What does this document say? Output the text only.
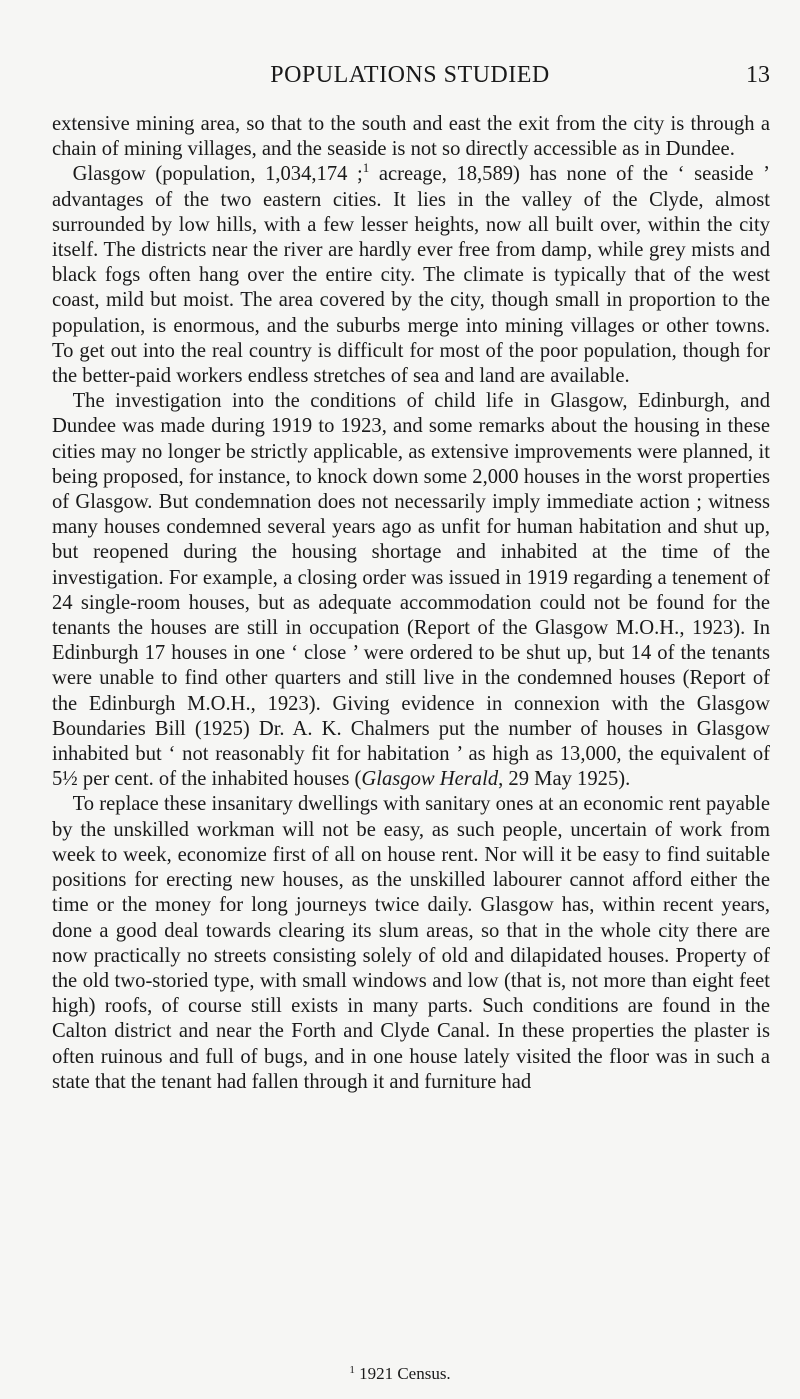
POPULATIONS STUDIED	13

extensive mining area, so that to the south and east the exit from the city is through a chain of mining villages, and the seaside is not so directly accessible as in Dundee.

 Glasgow (population, 1,034,174 ;$^1$ acreage, 18,589) has none of the ‘ seaside ’ advantages of the two eastern cities. It lies in the valley of the Clyde, almost surrounded by low hills, with a few lesser heights, now all built over, within the city itself. The districts near the river are hardly ever free from damp, while grey mists and black fogs often hang over the entire city. The climate is typically that of the west coast, mild but moist. The area covered by the city, though small in proportion to the population, is enormous, and the suburbs merge into mining villages or other towns. To get out into the real country is difficult for most of the poor population, though for the better-paid workers endless stretches of sea and land are available.

 The investigation into the conditions of child life in Glasgow, Edinburgh, and Dundee was made during 1919 to 1923, and some remarks about the housing in these cities may no longer be strictly applicable, as extensive improvements were planned, it being proposed, for instance, to knock down some 2,000 houses in the worst properties of Glasgow. But condemnation does not necessarily imply immediate action ; witness many houses condemned several years ago as unfit for human habitation and shut up, but reopened during the housing shortage and inhabited at the time of the investigation. For example, a closing order was issued in 1919 regarding a tenement of 24 single-room houses, but as adequate accommodation could not be found for the tenants the houses are still in occupation (Report of the Glasgow M.O.H., 1923). In Edinburgh 17 houses in one ‘ close ’ were ordered to be shut up, but 14 of the tenants were unable to find other quarters and still live in the condemned houses (Report of the Edinburgh M.O.H., 1923). Giving evidence in connexion with the Glasgow Boundaries Bill (1925) Dr. A. K. Chalmers put the number of houses in Glasgow inhabited but ‘ not reasonably fit for habitation ’ as high as 13,000, the equivalent of 5½ per cent. of the inhabited houses (Glasgow Herald, 29 May 1925).

 To replace these insanitary dwellings with sanitary ones at an economic rent payable by the unskilled workman will not be easy, as such people, uncertain of work from week to week, economize first of all on house rent. Nor will it be easy to find suitable positions for erecting new houses, as the unskilled labourer cannot afford either the time or the money for long journeys twice daily. Glasgow has, within recent years, done a good deal towards clearing its slum areas, so that in the whole city there are now practically no streets consisting solely of old and dilapidated houses. Property of the old two-storied type, with small windows and low (that is, not more than eight feet high) roofs, of course still exists in many parts. Such conditions are found in the Calton district and near the Forth and Clyde Canal. In these properties the plaster is often ruinous and full of bugs, and in one house lately visited the floor was in such a state that the tenant had fallen through it and furniture had

$^1$ 1921 Census.
